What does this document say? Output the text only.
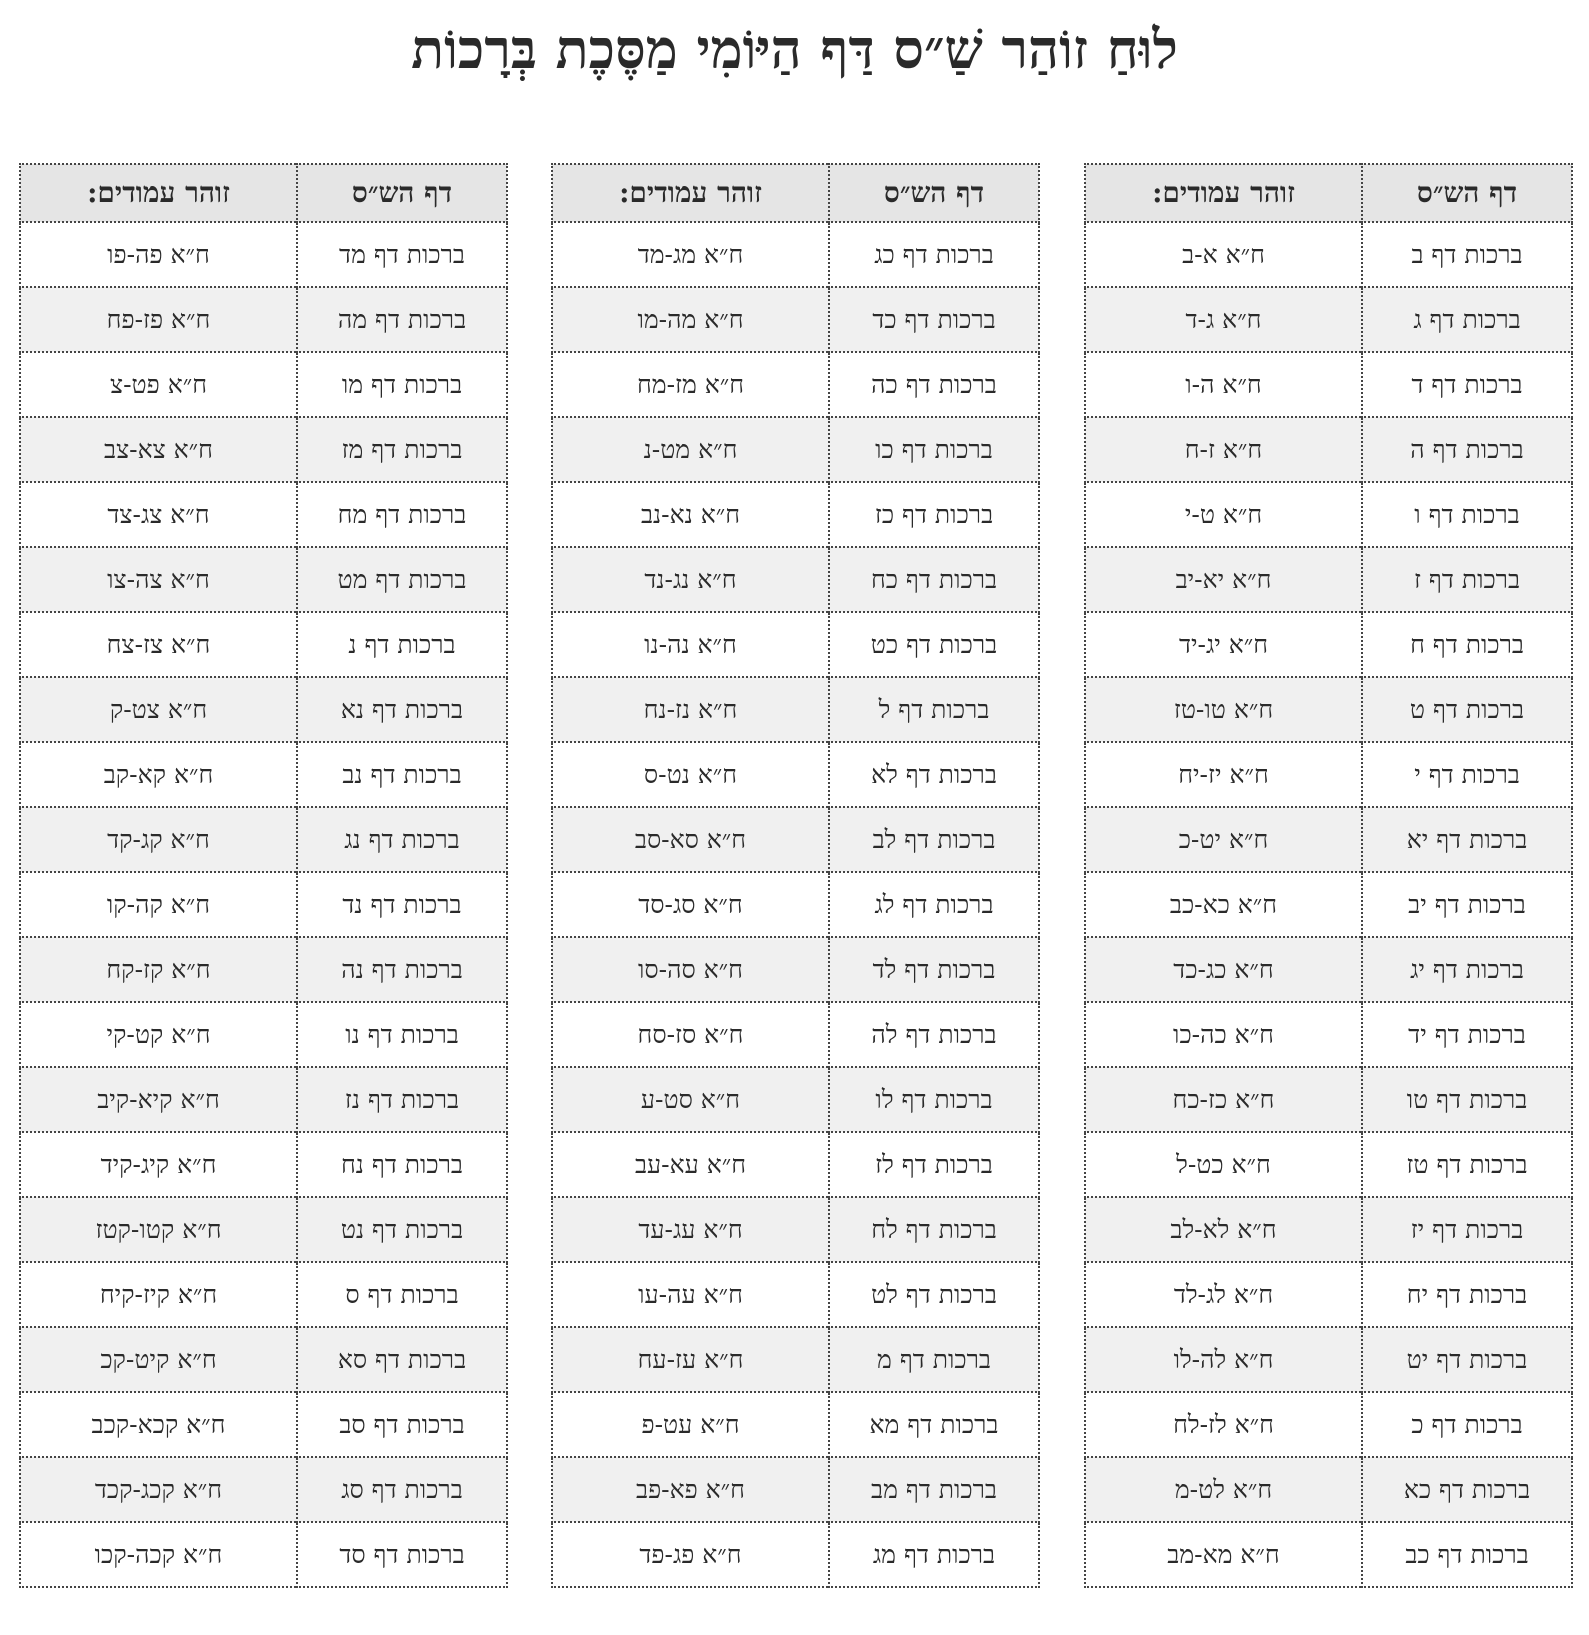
לוּחַ זוֹהַר שַׁ״ס דַּף הַיּוֹמִי מַסֶּכֶת בְּרָכוֹת
דף הש״ס	זוהר עמודים:
ברכות דף ב	ח״א א-ב
ברכות דף ג	ח״א ג-ד
ברכות דף ד	ח״א ה-ו
ברכות דף ה	ח״א ז-ח
ברכות דף ו	ח״א ט-י
ברכות דף ז	ח״א יא-יב
ברכות דף ח	ח״א יג-יד
ברכות דף ט	ח״א טו-טז
ברכות דף י	ח״א יז-יח
ברכות דף יא	ח״א יט-כ
ברכות דף יב	ח״א כא-כב
ברכות דף יג	ח״א כג-כד
ברכות דף יד	ח״א כה-כו
ברכות דף טו	ח״א כז-כח
ברכות דף טז	ח״א כט-ל
ברכות דף יז	ח״א לא-לב
ברכות דף יח	ח״א לג-לד
ברכות דף יט	ח״א לה-לו
ברכות דף כ	ח״א לז-לח
ברכות דף כא	ח״א לט-מ
ברכות דף כב	ח״א מא-מב
דף הש״ס	זוהר עמודים:
ברכות דף כג	ח״א מג-מד
ברכות דף כד	ח״א מה-מו
ברכות דף כה	ח״א מז-מח
ברכות דף כו	ח״א מט-נ
ברכות דף כז	ח״א נא-נב
ברכות דף כח	ח״א נג-נד
ברכות דף כט	ח״א נה-נו
ברכות דף ל	ח״א נז-נח
ברכות דף לא	ח״א נט-ס
ברכות דף לב	ח״א סא-סב
ברכות דף לג	ח״א סג-סד
ברכות דף לד	ח״א סה-סו
ברכות דף לה	ח״א סז-סח
ברכות דף לו	ח״א סט-ע
ברכות דף לז	ח״א עא-עב
ברכות דף לח	ח״א עג-עד
ברכות דף לט	ח״א עה-עו
ברכות דף מ	ח״א עז-עח
ברכות דף מא	ח״א עט-פ
ברכות דף מב	ח״א פא-פב
ברכות דף מג	ח״א פג-פד
דף הש״ס	זוהר עמודים:
ברכות דף מד	ח״א פה-פו
ברכות דף מה	ח״א פז-פח
ברכות דף מו	ח״א פט-צ
ברכות דף מז	ח״א צא-צב
ברכות דף מח	ח״א צג-צד
ברכות דף מט	ח״א צה-צו
ברכות דף נ	ח״א צז-צח
ברכות דף נא	ח״א צט-ק
ברכות דף נב	ח״א קא-קב
ברכות דף נג	ח״א קג-קד
ברכות דף נד	ח״א קה-קו
ברכות דף נה	ח״א קז-קח
ברכות דף נו	ח״א קט-קי
ברכות דף נז	ח״א קיא-קיב
ברכות דף נח	ח״א קיג-קיד
ברכות דף נט	ח״א קטו-קטז
ברכות דף ס	ח״א קיז-קיח
ברכות דף סא	ח״א קיט-קכ
ברכות דף סב	ח״א קכא-קכב
ברכות דף סג	ח״א קכג-קכד
ברכות דף סד	ח״א קכה-קכו
